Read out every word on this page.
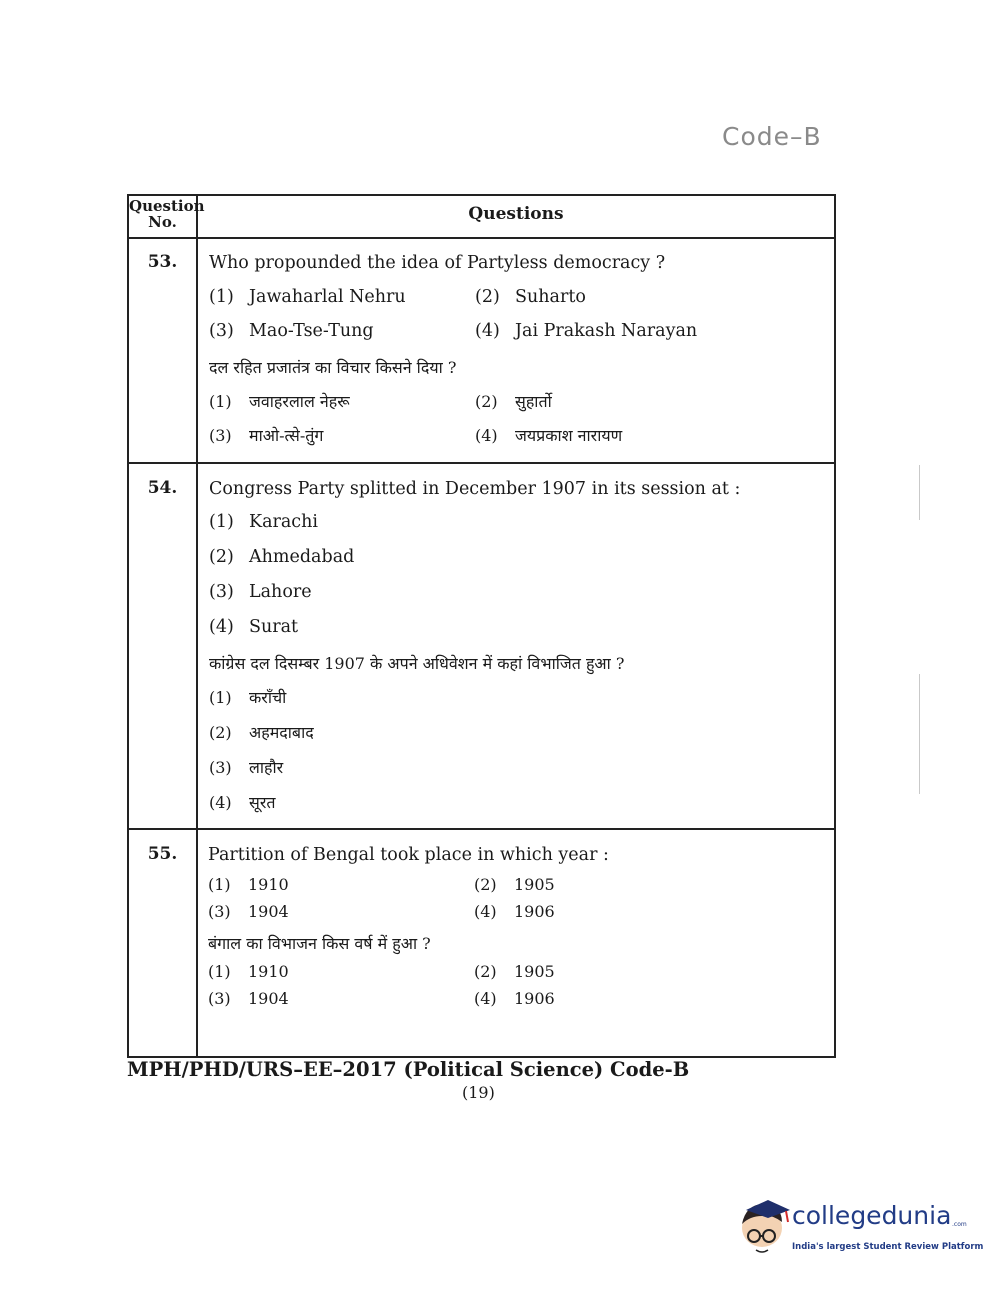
Code–B
Question No.	Questions
53.	Who propounded the idea of Partyless democracy ?
(1) Jawaharlal Nehru	(2) Suharto
(3) Mao-Tse-Tung	(4) Jai Prakash Narayan
दल रहित प्रजातंत्र का विचार किसने दिया ?
(1) जवाहरलाल नेहरू	(2) सुहार्तो
(3) माओ-त्से-तुंग	(4) जयप्रकाश नारायण
54.	Congress Party splitted in December 1907 in its session at :
(1) Karachi
(2) Ahmedabad
(3) Lahore
(4) Surat
कांग्रेस दल दिसम्बर 1907 के अपने अधिवेशन में कहां विभाजित हुआ ?
(1) करॉंची
(2) अहमदाबाद
(3) लाहौर
(4) सूरत
55.	Partition of Bengal took place in which year :
(1) 1910	(2) 1905
(3) 1904	(4) 1906
बंगाल का विभाजन किस वर्ष में हुआ ?
(1) 1910	(2) 1905
(3) 1904	(4) 1906
MPH/PHD/URS–EE–2017 (Political Science) Code-B
(19)
collegedunia .com
India's largest Student Review Platform
